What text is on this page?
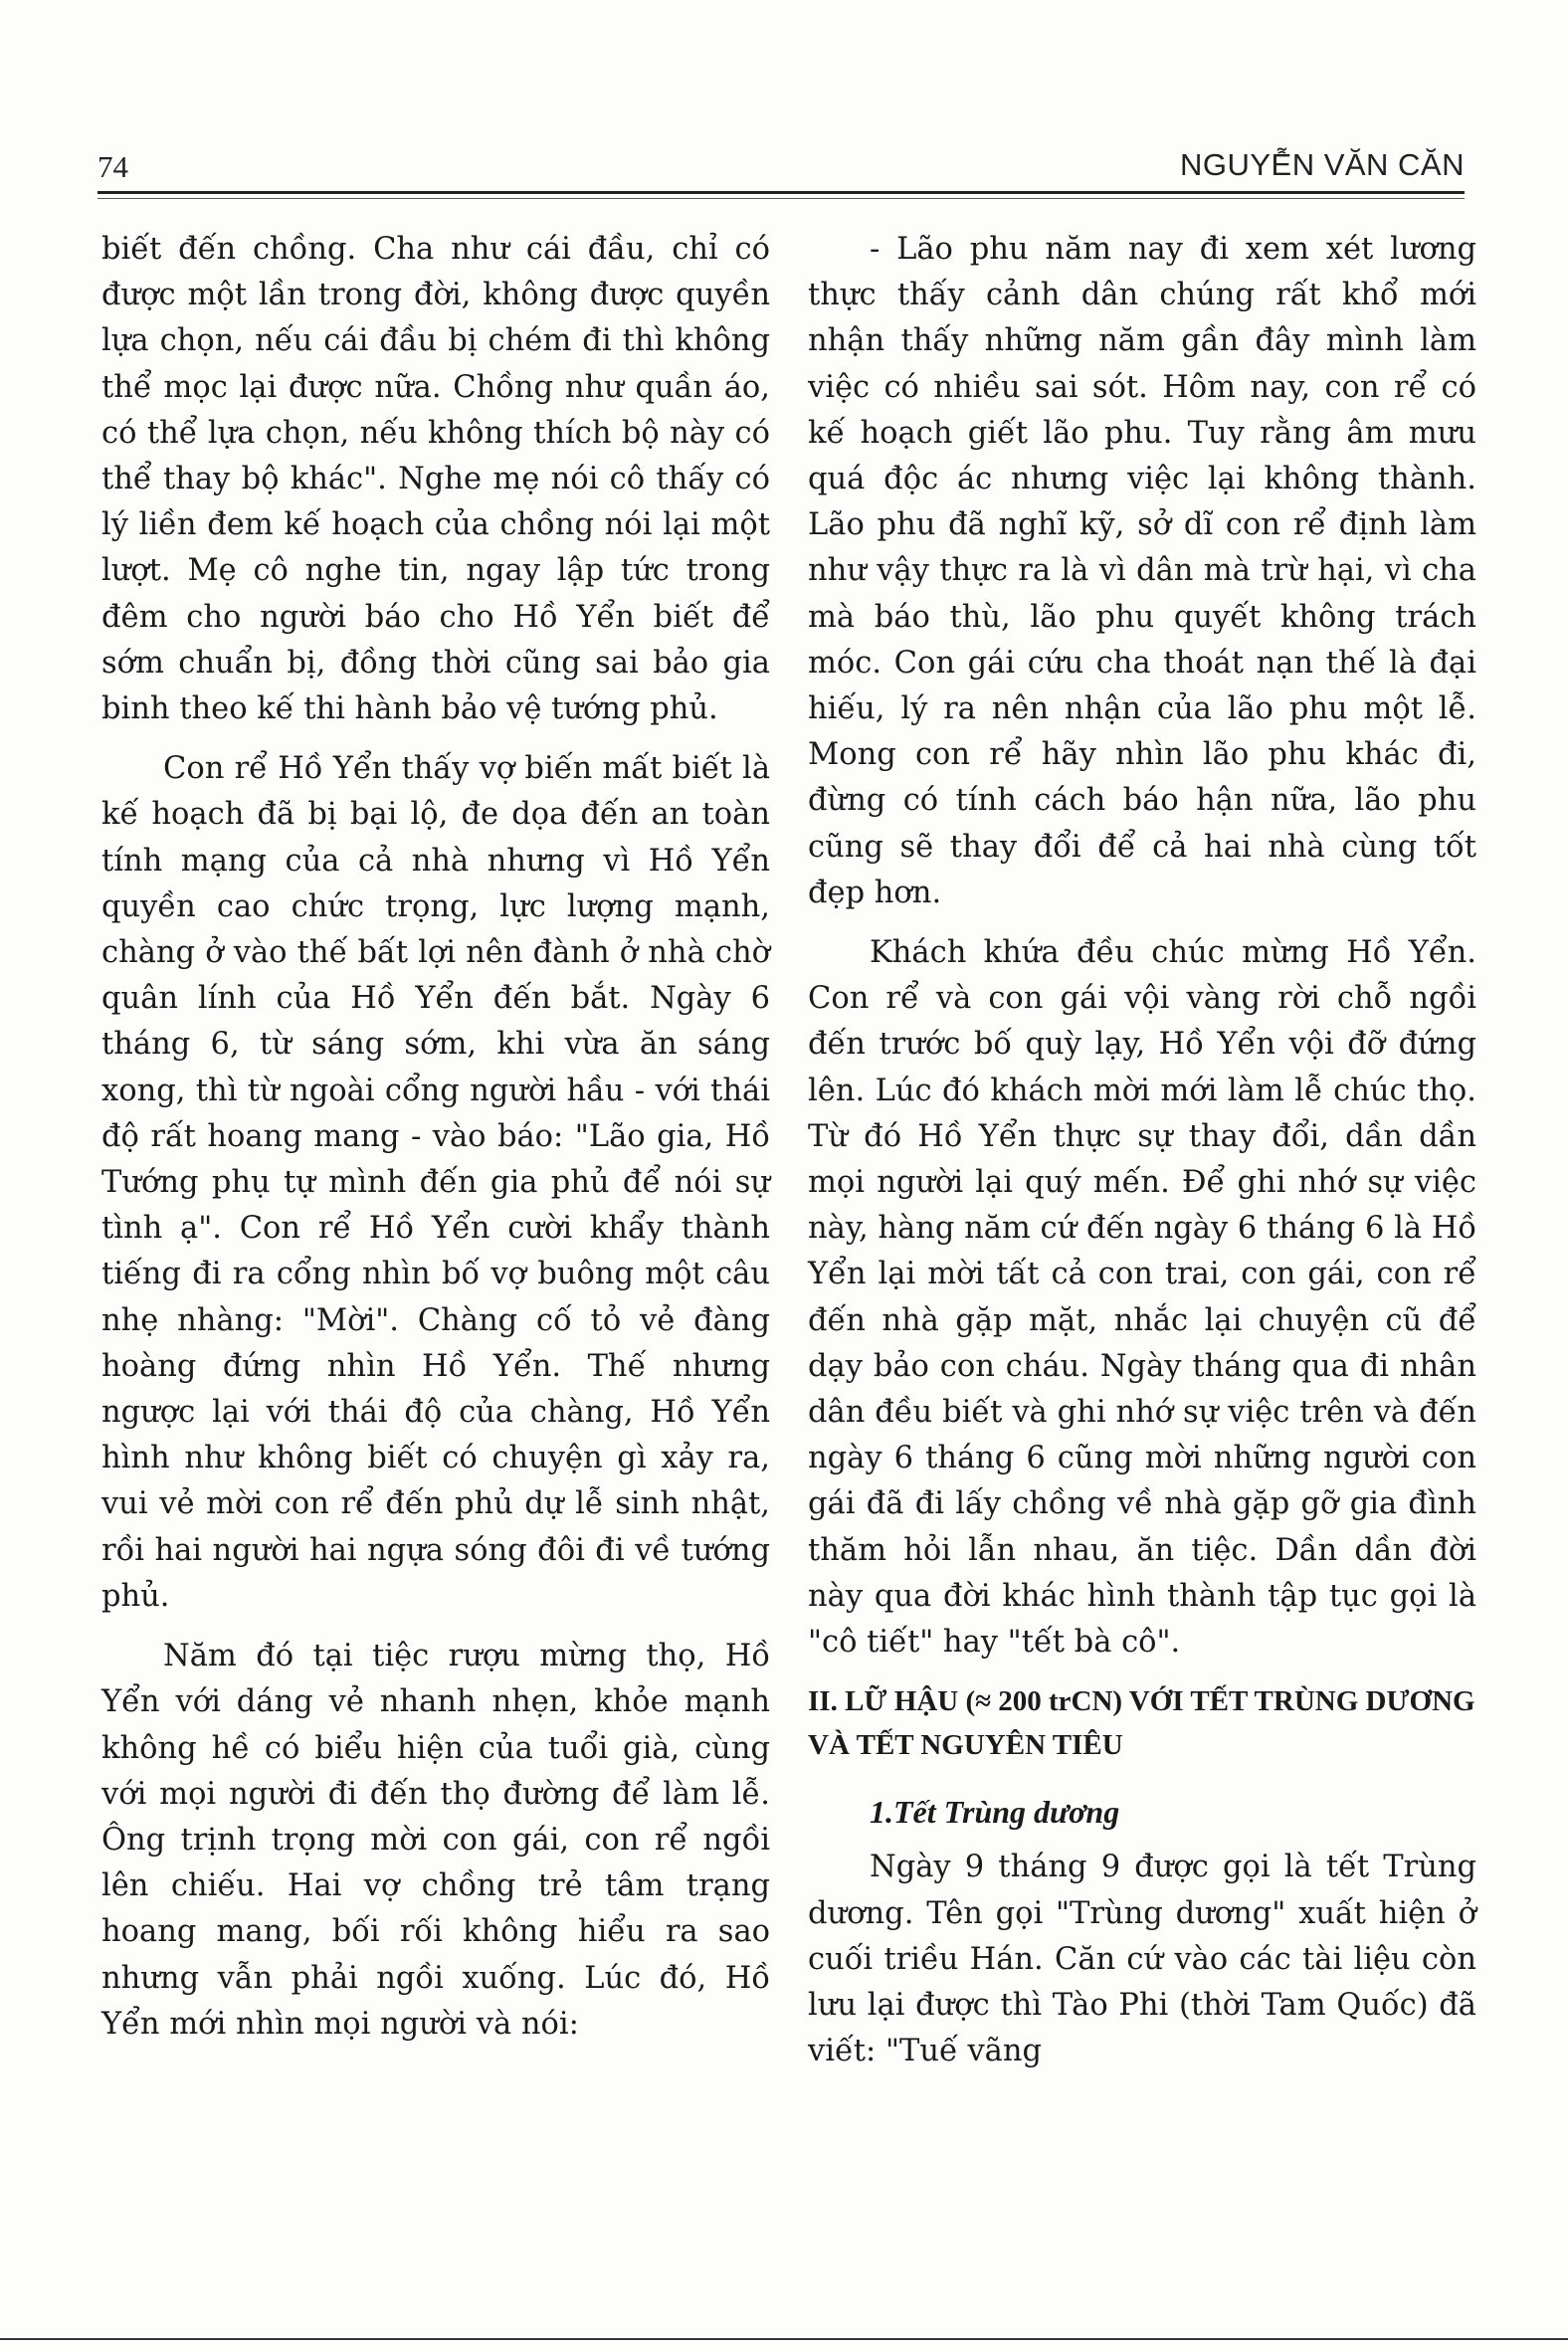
74	NGUYỄN VĂN CĂN

biết đến chồng. Cha như cái đầu, chỉ có được một lần trong đời, không được quyền lựa chọn, nếu cái đầu bị chém đi thì không thể mọc lại được nữa. Chồng như quần áo, có thể lựa chọn, nếu không thích bộ này có thể thay bộ khác". Nghe mẹ nói cô thấy có lý liền đem kế hoạch của chồng nói lại một lượt. Mẹ cô nghe tin, ngay lập tức trong đêm cho người báo cho Hồ Yển biết để sớm chuẩn bị, đồng thời cũng sai bảo gia binh theo kế thi hành bảo vệ tướng phủ.

Con rể Hồ Yển thấy vợ biến mất biết là kế hoạch đã bị bại lộ, đe dọa đến an toàn tính mạng của cả nhà nhưng vì Hồ Yển quyền cao chức trọng, lực lượng mạnh, chàng ở vào thế bất lợi nên đành ở nhà chờ quân lính của Hồ Yển đến bắt. Ngày 6 tháng 6, từ sáng sớm, khi vừa ăn sáng xong, thì từ ngoài cổng người hầu - với thái độ rất hoang mang - vào báo: "Lão gia, Hồ Tướng phụ tự mình đến gia phủ để nói sự tình ạ". Con rể Hồ Yển cười khẩy thành tiếng đi ra cổng nhìn bố vợ buông một câu nhẹ nhàng: "Mời". Chàng cố tỏ vẻ đàng hoàng đứng nhìn Hồ Yển. Thế nhưng ngược lại với thái độ của chàng, Hồ Yển hình như không biết có chuyện gì xảy ra, vui vẻ mời con rể đến phủ dự lễ sinh nhật, rồi hai người hai ngựa sóng đôi đi về tướng phủ.

Năm đó tại tiệc rượu mừng thọ, Hồ Yển với dáng vẻ nhanh nhẹn, khỏe mạnh không hề có biểu hiện của tuổi già, cùng với mọi người đi đến thọ đường để làm lễ. Ông trịnh trọng mời con gái, con rể ngồi lên chiếu. Hai vợ chồng trẻ tâm trạng hoang mang, bối rối không hiểu ra sao nhưng vẫn phải ngồi xuống. Lúc đó, Hồ Yển mới nhìn mọi người và nói:

- Lão phu năm nay đi xem xét lương thực thấy cảnh dân chúng rất khổ mới nhận thấy những năm gần đây mình làm việc có nhiều sai sót. Hôm nay, con rể có kế hoạch giết lão phu. Tuy rằng âm mưu quá độc ác nhưng việc lại không thành. Lão phu đã nghĩ kỹ, sở dĩ con rể định làm như vậy thực ra là vì dân mà trừ hại, vì cha mà báo thù, lão phu quyết không trách móc. Con gái cứu cha thoát nạn thế là đại hiếu, lý ra nên nhận của lão phu một lễ. Mong con rể hãy nhìn lão phu khác đi, đừng có tính cách báo hận nữa, lão phu cũng sẽ thay đổi để cả hai nhà cùng tốt đẹp hơn.

Khách khứa đều chúc mừng Hồ Yển. Con rể và con gái vội vàng rời chỗ ngồi đến trước bố quỳ lạy, Hồ Yển vội đỡ đứng lên. Lúc đó khách mời mới làm lễ chúc thọ. Từ đó Hồ Yển thực sự thay đổi, dần dần mọi người lại quý mến. Để ghi nhớ sự việc này, hàng năm cứ đến ngày 6 tháng 6 là Hồ Yển lại mời tất cả con trai, con gái, con rể đến nhà gặp mặt, nhắc lại chuyện cũ để dạy bảo con cháu. Ngày tháng qua đi nhân dân đều biết và ghi nhớ sự việc trên và đến ngày 6 tháng 6 cũng mời những người con gái đã đi lấy chồng về nhà gặp gỡ gia đình thăm hỏi lẫn nhau, ăn tiệc. Dần dần đời này qua đời khác hình thành tập tục gọi là "cô tiết" hay "tết bà cô".

II. LỮ HẬU (≈ 200 trCN) VỚI TẾT TRÙNG DƯƠNG VÀ TẾT NGUYÊN TIÊU
1.Tết Trùng dương

Ngày 9 tháng 9 được gọi là tết Trùng dương. Tên gọi "Trùng dương" xuất hiện ở cuối triều Hán. Căn cứ vào các tài liệu còn lưu lại được thì Tào Phi (thời Tam Quốc) đã viết: "Tuế vãng
